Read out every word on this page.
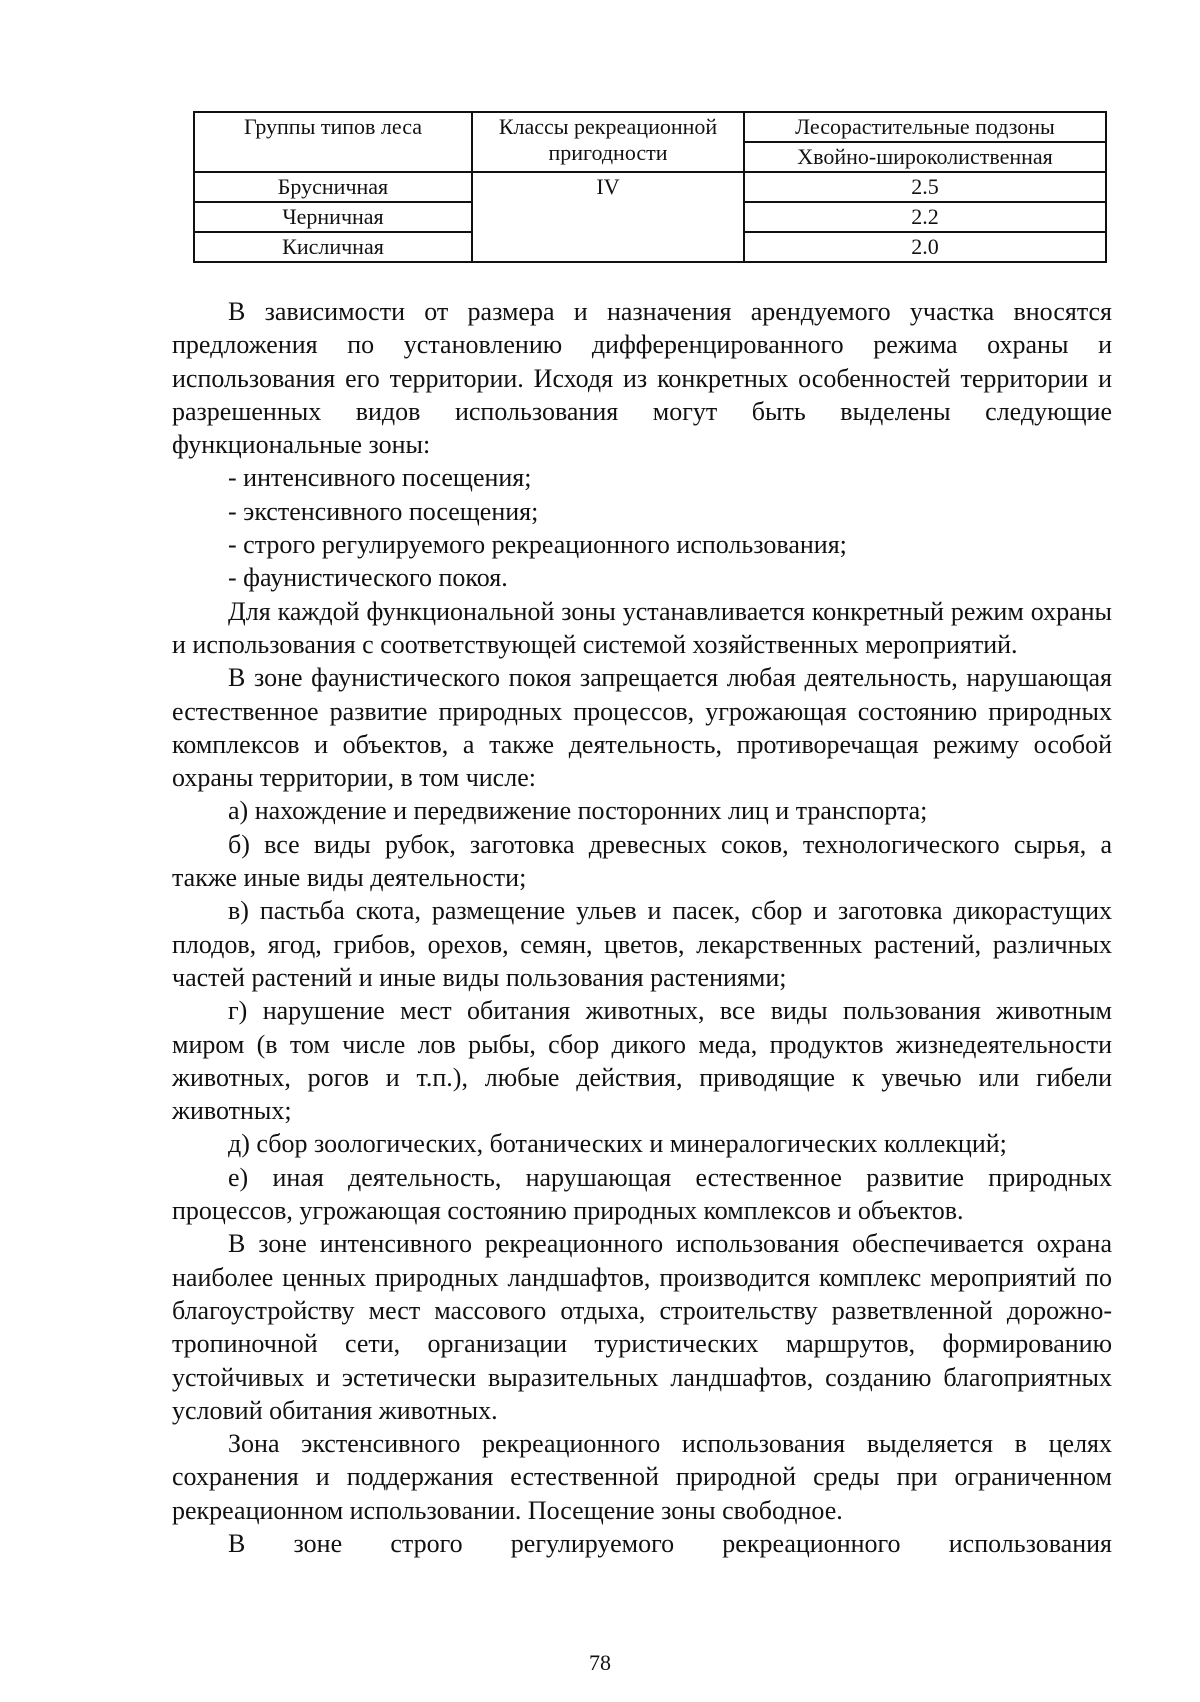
Группы типов леса	Классы рекреационной пригодности	Лесорастительные подзоны
		Хвойно-широколиственная
Брусничная	IV	2.5
Черничная		2.2
Кисличная		2.0

В зависимости от размера и назначения арендуемого участка вносятся предложения по установлению дифференцированного режима охраны и использования его территории. Исходя из конкретных особенностей территории и разрешенных видов использования могут быть выделены следующие функциональные зоны:

- интенсивного посещения;

- экстенсивного посещения;

- строго регулируемого рекреационного использования;

- фаунистического покоя.

Для каждой функциональной зоны устанавливается конкретный режим охраны и использования с соответствующей системой хозяйственных мероприятий.

В зоне фаунистического покоя запрещается любая деятельность, нарушающая естественное развитие природных процессов, угрожающая состоянию природных комплексов и объектов, а также деятельность, противоречащая режиму особой охраны территории, в том числе:

а) нахождение и передвижение посторонних лиц и транспорта;

б) все виды рубок, заготовка древесных соков, технологического сырья, а также иные виды деятельности;

в) пастьба скота, размещение ульев и пасек, сбор и заготовка дикорастущих плодов, ягод, грибов, орехов, семян, цветов, лекарственных растений, различных частей растений и иные виды пользования растениями;

г) нарушение мест обитания животных, все виды пользования животным миром (в том числе лов рыбы, сбор дикого меда, продуктов жизнедеятельности животных, рогов и т.п.), любые действия, приводящие к увечью или гибели животных;

д) сбор зоологических, ботанических и минералогических коллекций;

е) иная деятельность, нарушающая естественное развитие природных процессов, угрожающая состоянию природных комплексов и объектов.

В зоне интенсивного рекреационного использования обеспечивается охрана наиболее ценных природных ландшафтов, производится комплекс мероприятий по благоустройству мест массового отдыха, строительству разветвленной дорожно-тропиночной сети, организации туристических маршрутов, формированию устойчивых и эстетически выразительных ландшафтов, созданию благоприятных условий обитания животных.

Зона экстенсивного рекреационного использования выделяется в целях сохранения и поддержания естественной природной среды при ограниченном рекреационном использовании. Посещение зоны свободное.

В зоне строго регулируемого рекреационного использования

78
